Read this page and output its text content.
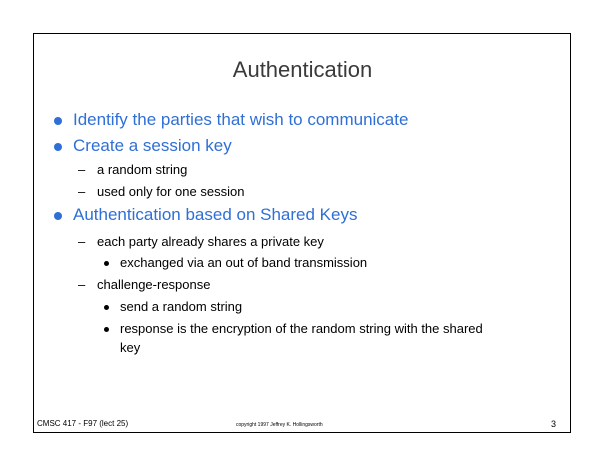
Authentication
Identify the parties that wish to communicate
Create a session key
– a random string
– used only for one session
Authentication based on Shared Keys
– each party already shares a private key
exchanged via an out of band transmission
– challenge-response
send a random string
response is the encryption of the random string with the shared
key
CMSC 417 - F97 (lect 25)	copyright 1997 Jeffrey K. Hollingsworth	3
